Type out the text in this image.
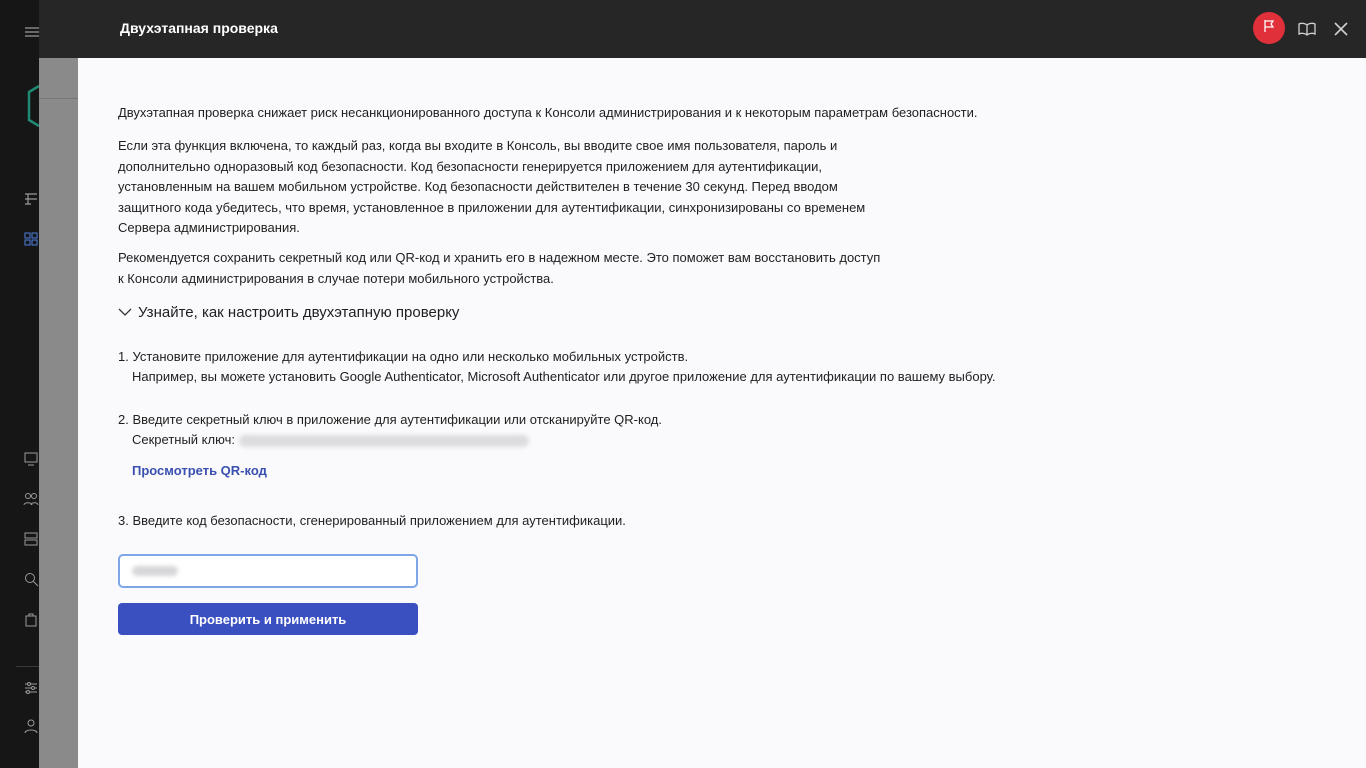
Двухэтапная проверка

Двухэтапная проверка снижает риск несанкционированного доступа к Консоли администрирования и к некоторым параметрам безопасности.

Если эта функция включена, то каждый раз, когда вы входите в Консоль, вы вводите свое имя пользователя, пароль и дополнительно одноразовый код безопасности. Код безопасности генерируется приложением для аутентификации, установленным на вашем мобильном устройстве. Код безопасности действителен в течение 30 секунд. Перед вводом защитного кода убедитесь, что время, установленное в приложении для аутентификации, синхронизированы со временем Сервера администрирования.

Рекомендуется сохранить секретный код или QR-код и хранить его в надежном месте. Это поможет вам восстановить доступ к Консоли администрирования в случае потери мобильного устройства.

Узнайте, как настроить двухэтапную проверку
1. Установите приложение для аутентификации на одно или несколько мобильных устройств.
Например, вы можете установить Google Authenticator, Microsoft Authenticator или другое приложение для аутентификации по вашему выбору.
2. Введите секретный ключ в приложение для аутентификации или отсканируйте QR-код.
Секретный ключ:
Просмотреть QR-код
3. Введите код безопасности, сгенерированный приложением для аутентификации.
Проверить и применить
